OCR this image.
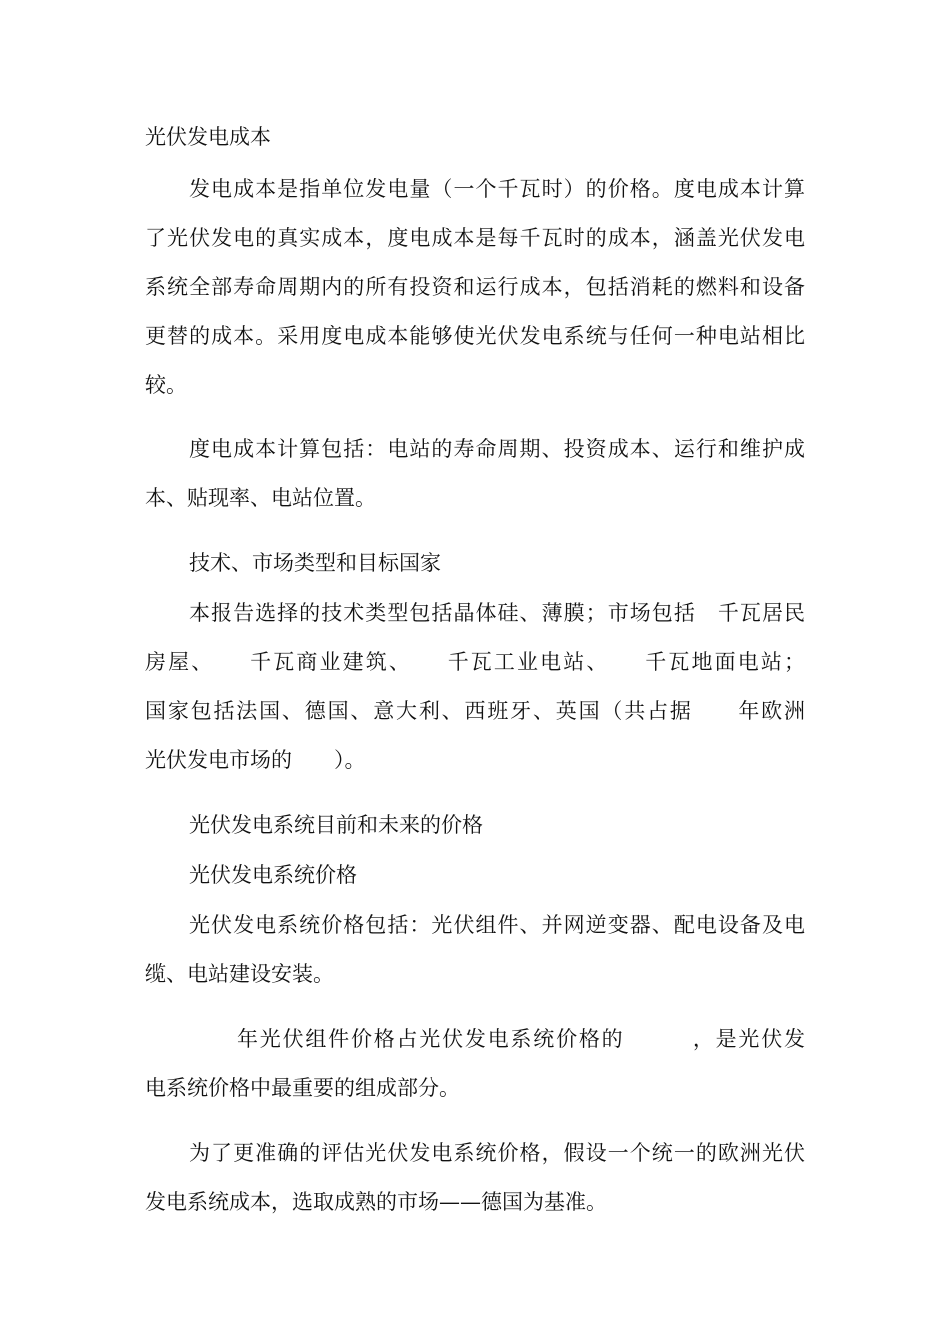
光伏发电成本
发电成本是指单位发电量（一个千瓦时）的价格。度电成本计算
了光伏发电的真实成本，度电成本是每千瓦时的成本，涵盖光伏发电
系统全部寿命周期内的所有投资和运行成本，包括消耗的燃料和设备
更替的成本。采用度电成本能够使光伏发电系统与任何一种电站相比
较。
度电成本计算包括：电站的寿命周期、投资成本、运行和维护成
本、贴现率、电站位置。
技术、市场类型和目标国家
本报告选择的技术类型包括晶体硅、薄膜；市场包括　千瓦居民
房屋、　　千瓦商业建筑、　　千瓦工业电站、　　千瓦地面电站；
国家包括法国、德国、意大利、西班牙、英国（共占据　　年欧洲
光伏发电市场的　　）。
光伏发电系统目前和未来的价格
光伏发电系统价格
光伏发电系统价格包括：光伏组件、并网逆变器、配电设备及电
缆、电站建设安装。
年光伏组件价格占光伏发电系统价格的　　　，是光伏发
电系统价格中最重要的组成部分。
为了更准确的评估光伏发电系统价格，假设一个统一的欧洲光伏
发电系统成本，选取成熟的市场——德国为基准。
